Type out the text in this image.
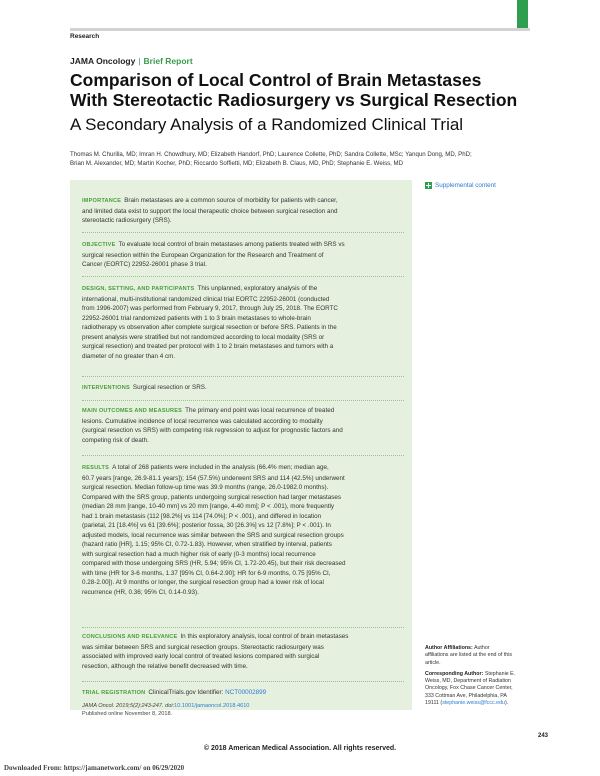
Research
JAMA Oncology | Brief Report
Comparison of Local Control of Brain Metastases
With Stereotactic Radiosurgery vs Surgical Resection
A Secondary Analysis of a Randomized Clinical Trial
Thomas M. Churilla, MD; Imran H. Chowdhury, MD; Elizabeth Handorf, PhD; Laurence Collette, PhD; Sandra Collette, MSc; Yanqun Dong, MD, PhD;
Brian M. Alexander, MD; Martin Kocher, PhD; Riccardo Soffietti, MD; Elizabeth B. Claus, MD, PhD; Stephanie E. Weiss, MD
Supplemental content
IMPORTANCE Brain metastases are a common source of morbidity for patients with cancer,
and limited data exist to support the local therapeutic choice between surgical resection and
stereotactic radiosurgery (SRS).
OBJECTIVE To evaluate local control of brain metastases among patients treated with SRS vs
surgical resection within the European Organization for the Research and Treatment of
Cancer (EORTC) 22952-26001 phase 3 trial.
DESIGN, SETTING, AND PARTICIPANTS This unplanned, exploratory analysis of the
international, multi-institutional randomized clinical trial EORTC 22952-26001 (conducted
from 1996-2007) was performed from February 9, 2017, through July 25, 2018. The EORTC
22952-26001 trial randomized patients with 1 to 3 brain metastases to whole-brain
radiotherapy vs observation after complete surgical resection or before SRS. Patients in the
present analysis were stratified but not randomized according to local modality (SRS or
surgical resection) and treated per protocol with 1 to 2 brain metastases and tumors with a
diameter of no greater than 4 cm.
INTERVENTIONS Surgical resection or SRS.
MAIN OUTCOMES AND MEASURES The primary end point was local recurrence of treated
lesions. Cumulative incidence of local recurrence was calculated according to modality
(surgical resection vs SRS) with competing risk regression to adjust for prognostic factors and
competing risk of death.
RESULTS A total of 268 patients were included in the analysis (66.4% men; median age,
60.7 years [range, 26.9-81.1 years]); 154 (57.5%) underwent SRS and 114 (42.5%) underwent
surgical resection. Median follow-up time was 39.9 months (range, 26.0-1982.0 months).
Compared with the SRS group, patients undergoing surgical resection had larger metastases
(median 28 mm [range, 10-40 mm] vs 20 mm [range, 4-40 mm]; P < .001), more frequently
had 1 brain metastasis (112 [98.2%] vs 114 [74.0%]; P < .001), and differed in location
(parietal, 21 [18.4%] vs 61 [39.6%]; posterior fossa, 30 [26.3%] vs 12 [7.8%]; P < .001). In
adjusted models, local recurrence was similar between the SRS and surgical resection groups
(hazard ratio [HR], 1.15; 95% CI, 0.72-1.83). However, when stratified by interval, patients
with surgical resection had a much higher risk of early (0-3 months) local recurrence
compared with those undergoing SRS (HR, 5.94; 95% CI, 1.72-20.45), but their risk decreased
with time (HR for 3-6 months, 1.37 [95% CI, 0.64-2.90]; HR for 6-9 months, 0.75 [95% CI,
0.28-2.00]). At 9 months or longer, the surgical resection group had a lower risk of local
recurrence (HR, 0.36; 95% CI, 0.14-0.93).
CONCLUSIONS AND RELEVANCE In this exploratory analysis, local control of brain metastases
was similar between SRS and surgical resection groups. Stereotactic radiosurgery was
associated with improved early local control of treated lesions compared with surgical
resection, although the relative benefit decreased with time.
TRIAL REGISTRATION ClinicalTrials.gov Identifier: NCT00002899
JAMA Oncol. 2019;5(2):243-247. doi:10.1001/jamaoncol.2018.4610
Published online November 8, 2018.
Author Affiliations: Author
affiliations are listed at the end of this
article.
Corresponding Author: Stephanie E.
Weiss, MD, Department of Radiation
Oncology, Fox Chase Cancer Center,
333 Cottman Ave, Philadelphia, PA
19111 (stephanie.weiss@fccc.edu).
243
© 2018 American Medical Association. All rights reserved.
Downloaded From: https://jamanetwork.com/ on 06/29/2020
